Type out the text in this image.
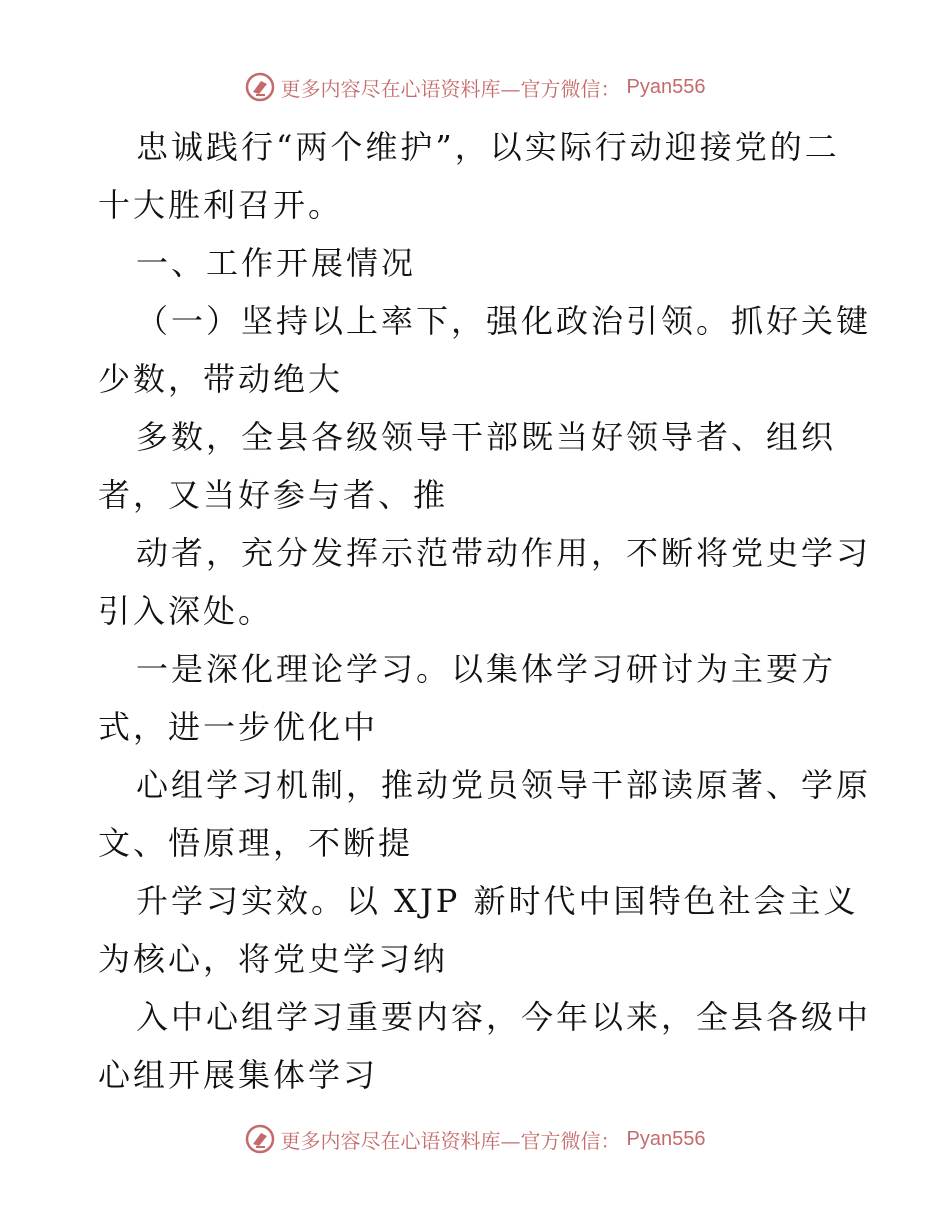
更多内容尽在心语资料库—官方微信： Pyan556
忠诚践行“两个维护”，以实际行动迎接党的二
十大胜利召开。
一、工作开展情况
（一）坚持以上率下，强化政治引领。抓好关键
少数，带动绝大
多数，全县各级领导干部既当好领导者、组织
者，又当好参与者、推
动者，充分发挥示范带动作用，不断将党史学习
引入深处。
一是深化理论学习。以集体学习研讨为主要方
式，进一步优化中
心组学习机制，推动党员领导干部读原著、学原
文、悟原理，不断提
升学习实效。以 XJP 新时代中国特色社会主义
为核心，将党史学习纳
入中心组学习重要内容，今年以来，全县各级中
心组开展集体学习
更多内容尽在心语资料库—官方微信： Pyan556
